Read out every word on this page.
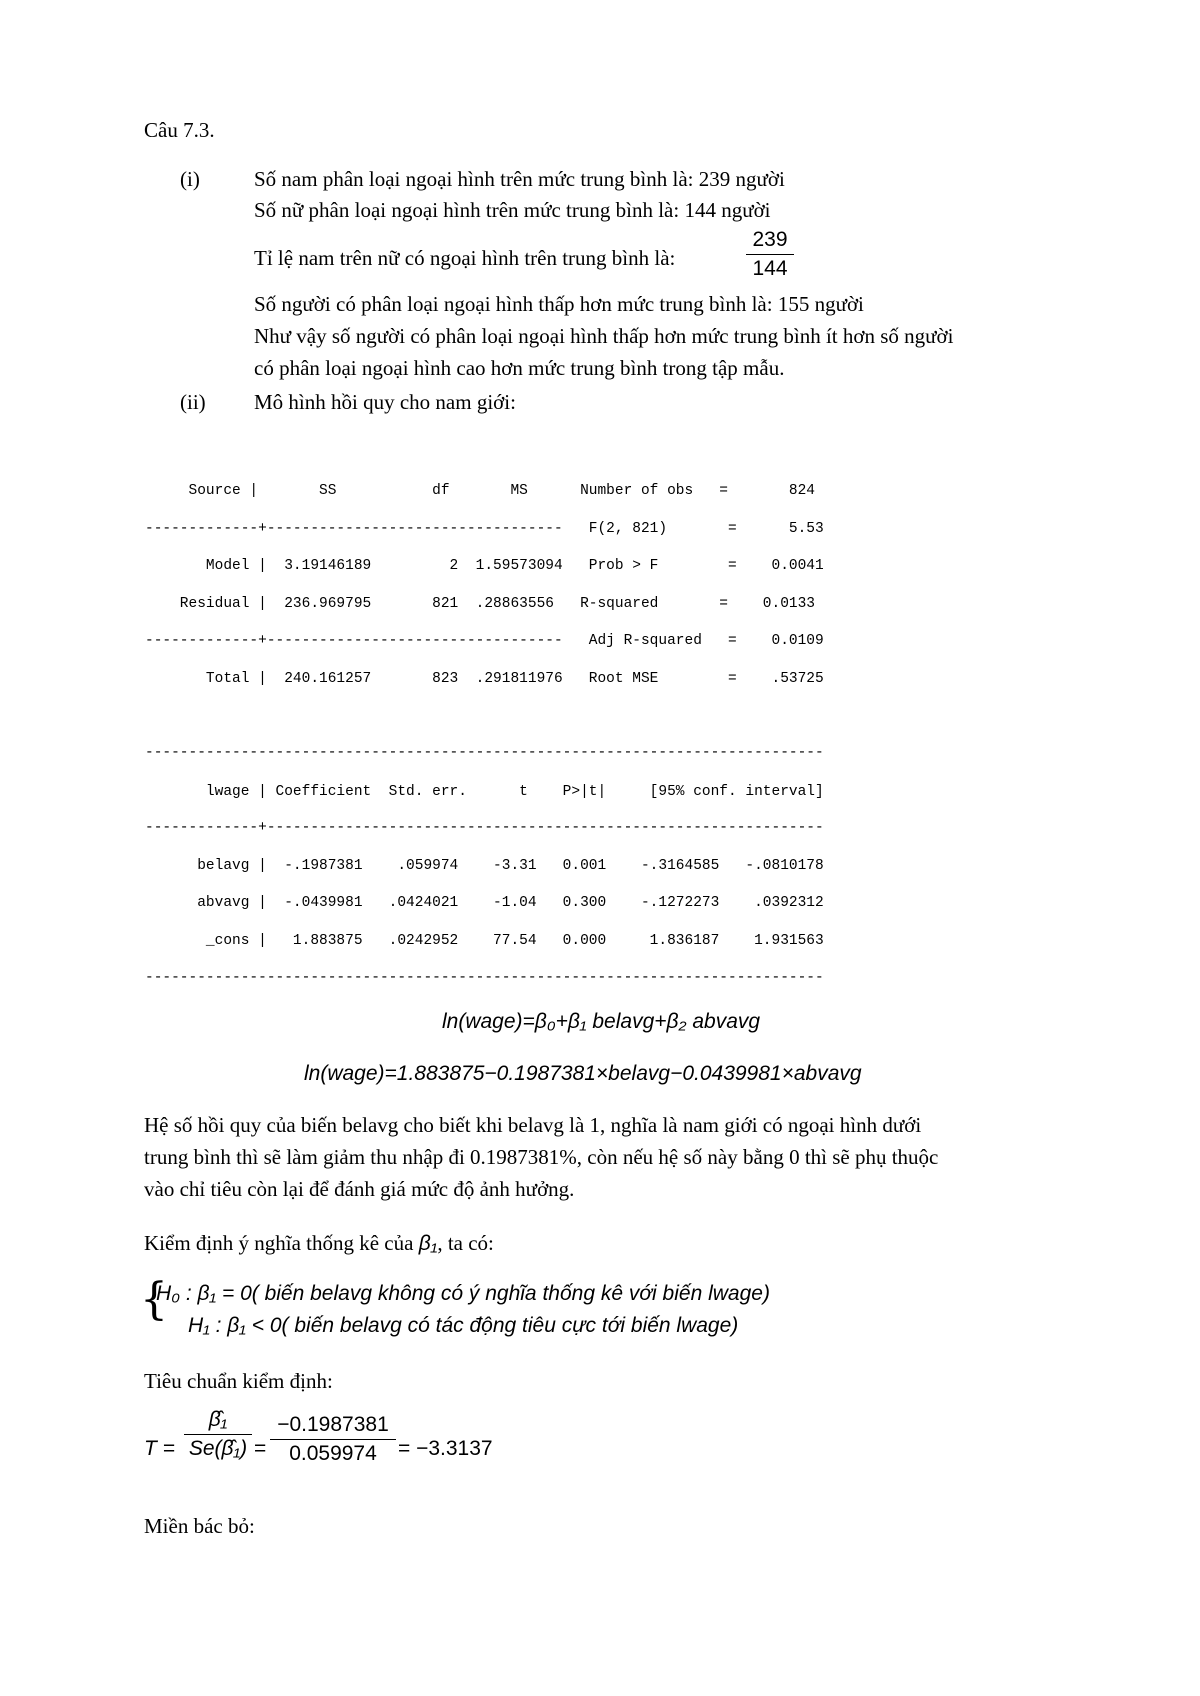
Câu 7.3.
(i)	Số nam phân loại ngoại hình trên mức trung bình là: 239 người
Số nữ phân loại ngoại hình trên mức trung bình là: 144 người
Tỉ lệ nam trên nữ có ngoại hình trên trung bình là:
239
144
Số người có phân loại ngoại hình thấp hơn mức trung bình là: 155 người
Như vậy số người có phân loại ngoại hình thấp hơn mức trung bình ít hơn số người
có phân loại ngoại hình cao hơn mức trung bình trong tập mẫu.
(ii) Mô hình hồi quy cho nam giới:
Source |       SS           df       MS      Number of obs   =       824
-------------+----------------------------------   F(2, 821)       =      5.53
Model |  3.19146189         2  1.59573094   Prob > F        =    0.0041
Residual |  236.969795       821  .28863556   R-squared       =    0.0133
-------------+----------------------------------   Adj R-squared   =    0.0109
Total |  240.161257       823  .291811976   Root MSE        =    .53725
------------------------------------------------------------------------------
lwage | Coefficient  Std. err.      t    P>|t|     [95% conf. interval]
-------------+----------------------------------------------------------------
belavg |  -.1987381    .059974    -3.31   0.001    -.3164585   -.0810178
abvavg |  -.0439981   .0424021    -1.04   0.300    -.1272273    .0392312
_cons |   1.883875   .0242952    77.54   0.000     1.836187    1.931563
------------------------------------------------------------------------------
ln(wage)=β₀+β₁ belavg+β₂ abvavg
ln(wage)=1.883875−0.1987381×belavg−0.0439981×abvavg
Hệ số hồi quy của biến belavg cho biết khi belavg là 1, nghĩa là nam giới có ngoại hình dưới
trung bình thì sẽ làm giảm thu nhập đi 0.1987381%, còn nếu hệ số này bằng 0 thì sẽ phụ thuộc
vào chỉ tiêu còn lại để đánh giá mức độ ảnh hưởng.
Kiểm định ý nghĩa thống kê của β₁, ta có:
{
H₀ : β₁ = 0( biến belavg không có ý nghĩa thống kê với biến lwage)
H₁ : β₁ < 0( biến belavg có tác động tiêu cực tới biến lwage)
Tiêu chuẩn kiểm định:
T =
β̂₁
Se(β̂₁) =
−0.1987381
0.059974	= −3.3137
Miền bác bỏ:
